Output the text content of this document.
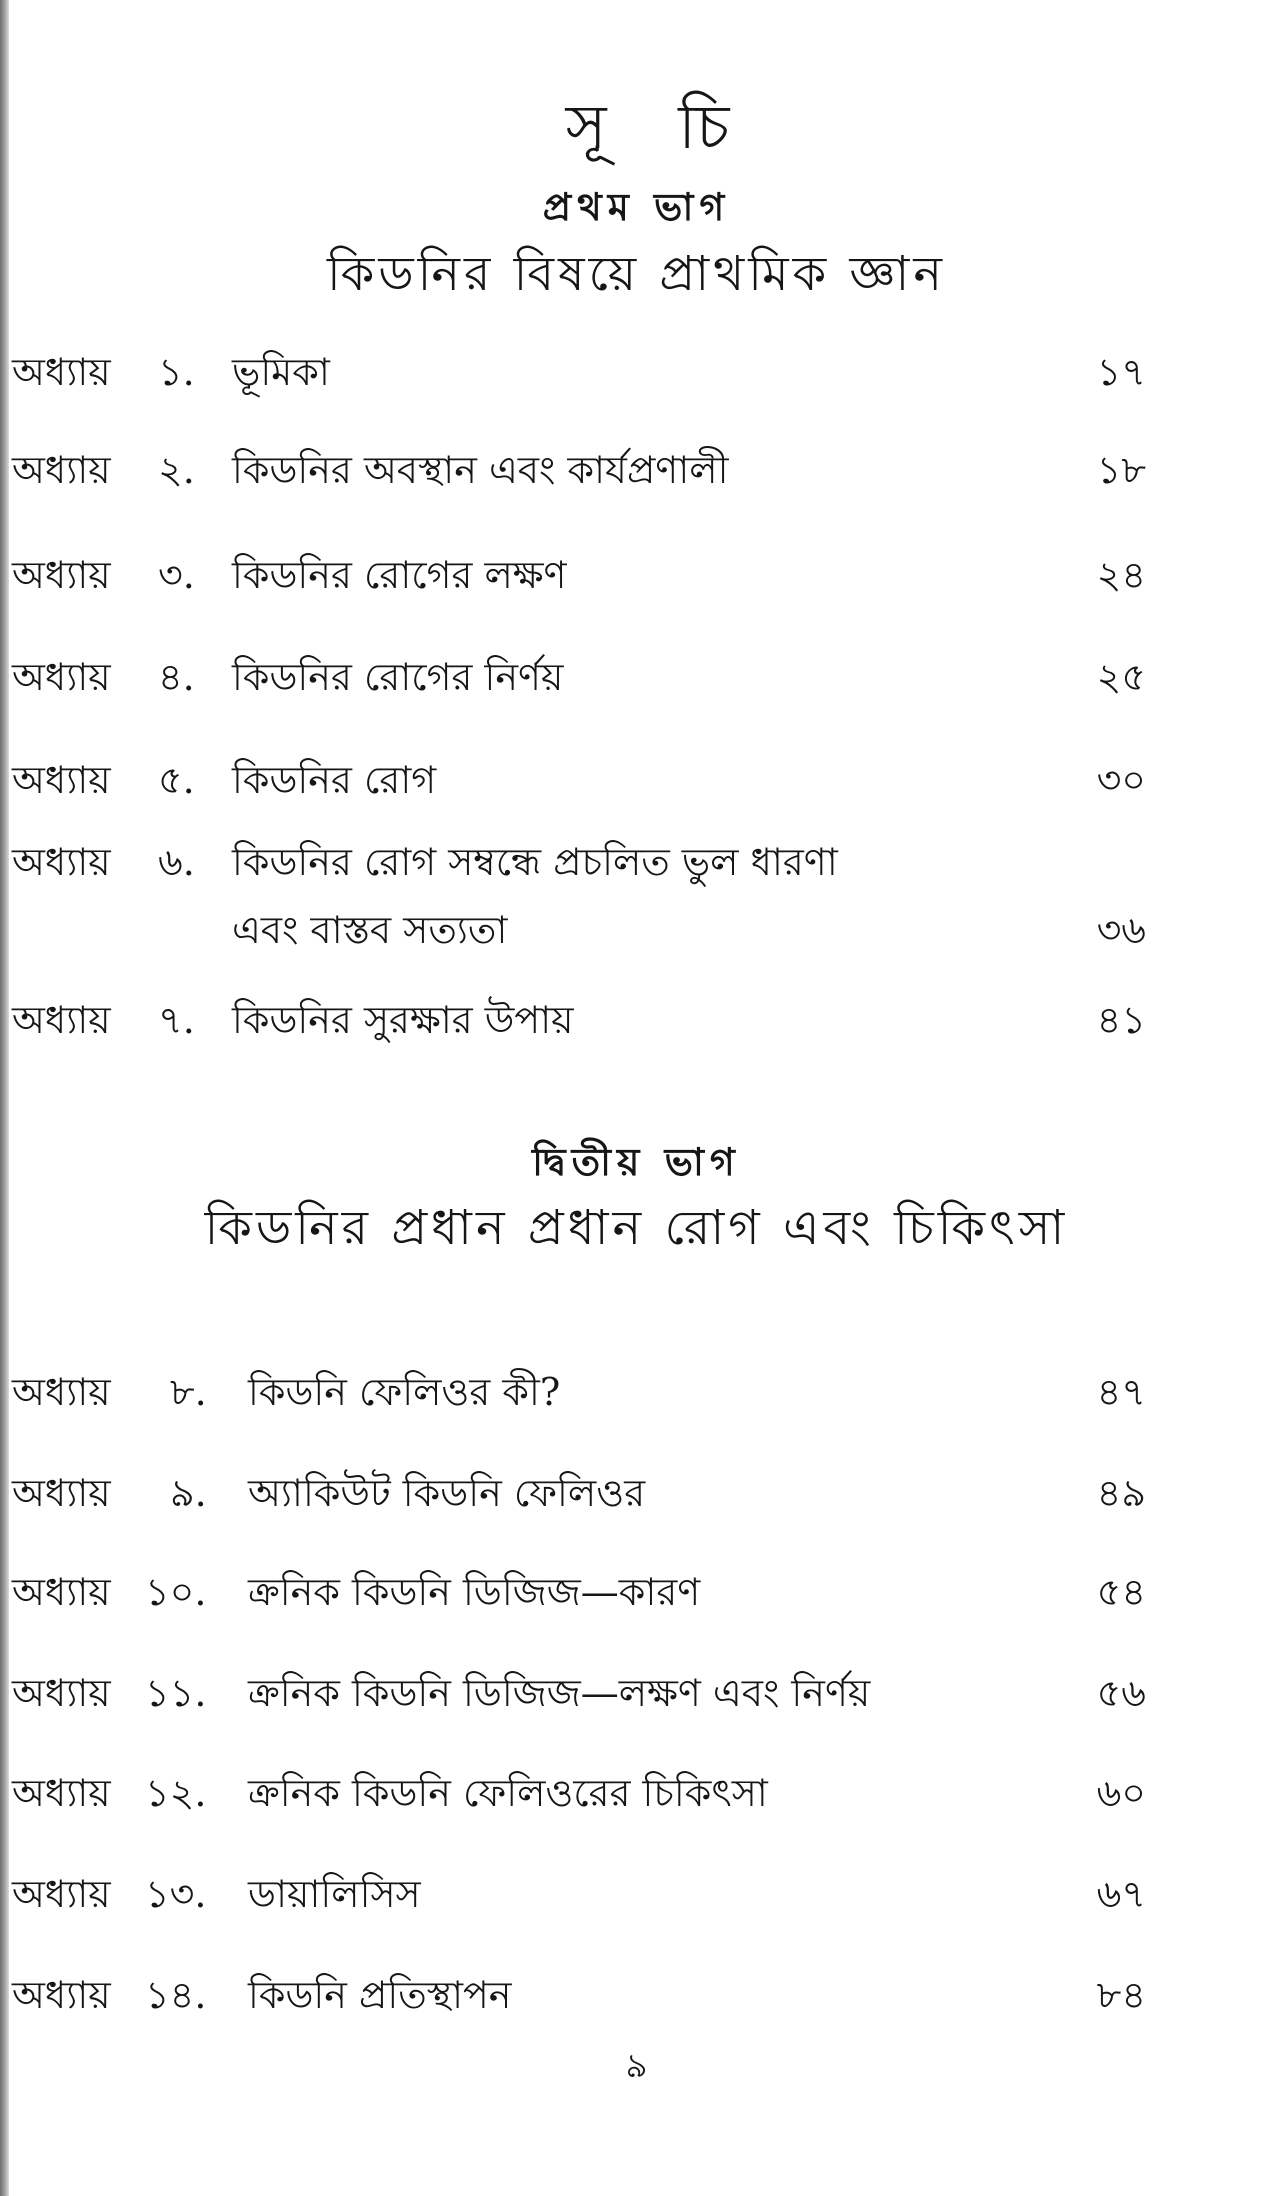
সূ চি
প্রথম ভাগ
কিডনির বিষয়ে প্রাথমিক জ্ঞান
অধ্যায় ১. ভূমিকা	১৭
অধ্যায় ২. কিডনির অবস্থান এবং কার্যপ্রণালী	১৮
অধ্যায় ৩. কিডনির রোগের লক্ষণ	২৪
অধ্যায় ৪. কিডনির রোগের নির্ণয়	২৫
অধ্যায় ৫. কিডনির রোগ	৩০
অধ্যায় ৬. কিডনির রোগ সম্বন্ধে প্রচলিত ভুল ধারণা
এবং বাস্তব সত্যতা	৩৬
অধ্যায় ৭. কিডনির সুরক্ষার উপায়	৪১
দ্বিতীয় ভাগ
কিডনির প্রধান প্রধান রোগ এবং চিকিৎসা
অধ্যায় ৮. কিডনি ফেলিওর কী?	৪৭
অধ্যায় ৯. অ্যাকিউট কিডনি ফেলিওর	৪৯
অধ্যায় ১০. ক্রনিক কিডনি ডিজিজ—কারণ	৫৪
অধ্যায় ১১. ক্রনিক কিডনি ডিজিজ—লক্ষণ এবং নির্ণয়	৫৬
অধ্যায় ১২. ক্রনিক কিডনি ফেলিওরের চিকিৎসা	৬০
অধ্যায় ১৩. ডায়ালিসিস	৬৭
অধ্যায় ১৪. কিডনি প্রতিস্থাপন	৮৪
৯
